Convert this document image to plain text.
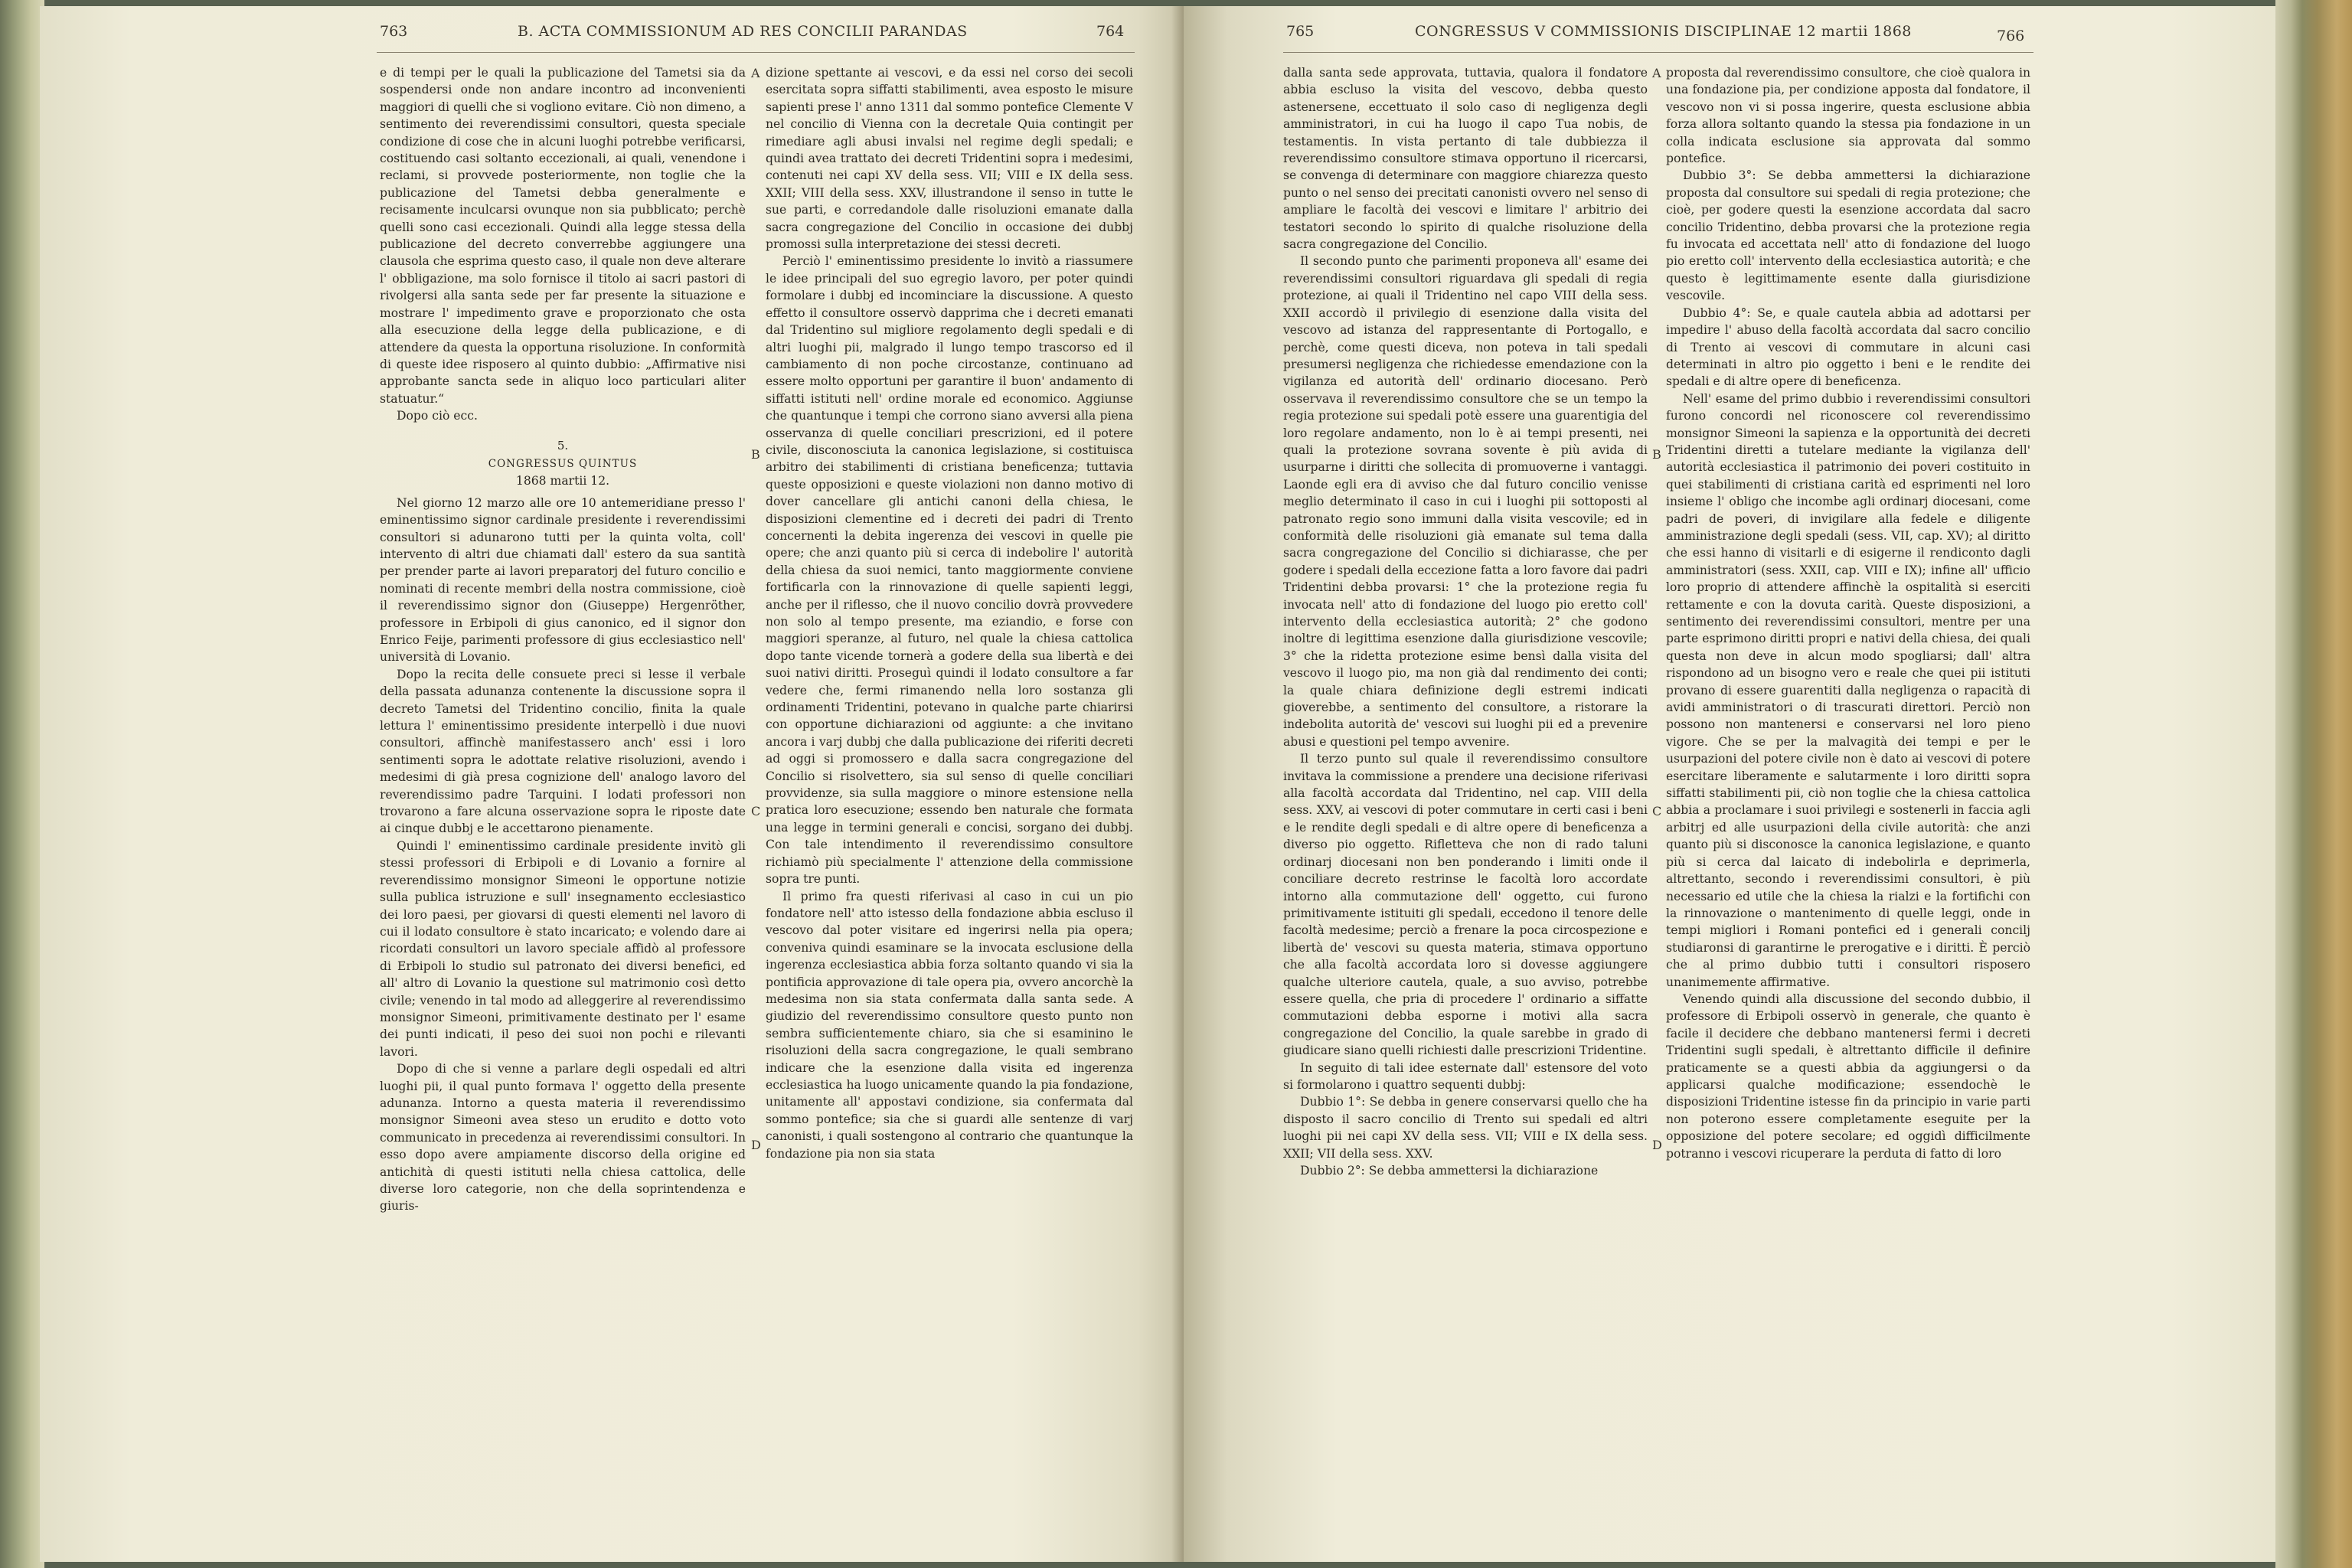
763	B. ACTA COMMISSIONUM AD RES CONCILII PARANDAS	764

e di tempi per le quali la publicazione del Tametsi sia da sospendersi onde non andare incontro ad inconvenienti maggiori di quelli che si vogliono evitare. Ciò non dimeno, a sentimento dei reverendissimi consultori, questa speciale condizione di cose che in alcuni luoghi potrebbe verificarsi, costituendo casi soltanto eccezionali, ai quali, venendone i reclami, si provvede posteriormente, non toglie che la publicazione del Tametsi debba generalmente e recisamente inculcarsi ovunque non sia pubblicato; perchè quelli sono casi eccezionali. Quindi alla legge stessa della publicazione del decreto converrebbe aggiungere una clausola che esprima questo caso, il quale non deve alterare l' obbligazione, ma solo fornisce il titolo ai sacri pastori di rivolgersi alla santa sede per far presente la situazione e mostrare l' impedimento grave e proporzionato che osta alla esecuzione della legge della publicazione, e di attendere da questa la opportuna risoluzione. In conformità di queste idee risposero al quinto dubbio: „Affirmative nisi approbante sancta sede in aliquo loco particulari aliter statuatur.“

Dopo ciò ecc.

5.

CONGRESSUS QUINTUS

1868 martii 12.

Nel giorno 12 marzo alle ore 10 antemeridiane presso l' eminentissimo signor cardinale presidente i reverendissimi consultori si adunarono tutti per la quinta volta, coll' intervento di altri due chiamati dall' estero da sua santità per prender parte ai lavori preparatorj del futuro concilio e nominati di recente membri della nostra commissione, cioè il reverendissimo signor don (Giuseppe) Hergenröther, professore in Erbipoli di gius canonico, ed il signor don Enrico Feije, parimenti professore di gius ecclesiastico nell' università di Lovanio.

Dopo la recita delle consuete preci si lesse il verbale della passata adunanza contenente la discussione sopra il decreto Tametsi del Tridentino concilio, finita la quale lettura l' eminentissimo presidente interpellò i due nuovi consultori, affinchè manifestassero anch' essi i loro sentimenti sopra le adottate relative risoluzioni, avendo i medesimi di già presa cognizione dell' analogo lavoro del reverendissimo padre Tarquini. I lodati professori non trovarono a fare alcuna osservazione sopra le riposte date ai cinque dubbj e le accettarono pienamente.

Quindi l' eminentissimo cardinale presidente invitò gli stessi professori di Erbipoli e di Lovanio a fornire al reverendissimo monsignor Simeoni le opportune notizie sulla publica istruzione e sull' insegnamento ecclesiastico dei loro paesi, per giovarsi di questi elementi nel lavoro di cui il lodato consultore è stato incaricato; e volendo dare ai ricordati consultori un lavoro speciale affidò al professore di Erbipoli lo studio sul patronato dei diversi benefici, ed all' altro di Lovanio la questione sul matrimonio così detto civile; venendo in tal modo ad alleggerire al reverendissimo monsignor Simeoni, primitivamente destinato per l' esame dei punti indicati, il peso dei suoi non pochi e rilevanti lavori.

Dopo di che si venne a parlare degli ospedali ed altri luoghi pii, il qual punto formava l' oggetto della presente adunanza. Intorno a questa materia il reverendissimo monsignor Simeoni avea steso un erudito e dotto voto communicato in precedenza ai reverendissimi consultori. In esso dopo avere ampiamente discorso della origine ed antichità di questi istituti nella chiesa cattolica, delle diverse loro categorie, non che della soprintendenza e giuris-

A
B
C
D

dizione spettante ai vescovi, e da essi nel corso dei secoli esercitata sopra siffatti stabilimenti, avea esposto le misure sapienti prese l' anno 1311 dal sommo pontefice Clemente V nel concilio di Vienna con la decretale Quia contingit per rimediare agli abusi invalsi nel regime degli spedali; e quindi avea trattato dei decreti Tridentini sopra i medesimi, contenuti nei capi XV della sess. VII; VIII e IX della sess. XXII; VIII della sess. XXV, illustrandone il senso in tutte le sue parti, e corredandole dalle risoluzioni emanate dalla sacra congregazione del Concilio in occasione dei dubbj promossi sulla interpretazione dei stessi decreti.

Perciò l' eminentissimo presidente lo invitò a riassumere le idee principali del suo egregio lavoro, per poter quindi formolare i dubbj ed incominciare la discussione. A questo effetto il consultore osservò dapprima che i decreti emanati dal Tridentino sul migliore regolamento degli spedali e di altri luoghi pii, malgrado il lungo tempo trascorso ed il cambiamento di non poche circostanze, continuano ad essere molto opportuni per garantire il buon' andamento di siffatti istituti nell' ordine morale ed economico. Aggiunse che quantunque i tempi che corrono siano avversi alla piena osservanza di quelle conciliari prescrizioni, ed il potere civile, disconosciuta la canonica legislazione, si costituisca arbitro dei stabilimenti di cristiana beneficenza; tuttavia queste opposizioni e queste violazioni non danno motivo di dover cancellare gli antichi canoni della chiesa, le disposizioni clementine ed i decreti dei padri di Trento concernenti la debita ingerenza dei vescovi in quelle pie opere; che anzi quanto più si cerca di indebolire l' autorità della chiesa da suoi nemici, tanto maggiormente conviene fortificarla con la rinnovazione di quelle sapienti leggi, anche per il riflesso, che il nuovo concilio dovrà provvedere non solo al tempo presente, ma eziandio, e forse con maggiori speranze, al futuro, nel quale la chiesa cattolica dopo tante vicende tornerà a godere della sua libertà e dei suoi nativi diritti. Proseguì quindi il lodato consultore a far vedere che, fermi rimanendo nella loro sostanza gli ordinamenti Tridentini, potevano in qualche parte chiarirsi con opportune dichiarazioni od aggiunte: a che invitano ancora i varj dubbj che dalla publicazione dei riferiti decreti ad oggi si promossero e dalla sacra congregazione del Concilio si risolvettero, sia sul senso di quelle conciliari provvidenze, sia sulla maggiore o minore estensione nella pratica loro esecuzione; essendo ben naturale che formata una legge in termini generali e concisi, sorgano dei dubbj. Con tale intendimento il reverendissimo consultore richiamò più specialmente l' attenzione della commissione sopra tre punti.

Il primo fra questi riferivasi al caso in cui un pio fondatore nell' atto istesso della fondazione abbia escluso il vescovo dal poter visitare ed ingerirsi nella pia opera; conveniva quindi esaminare se la invocata esclusione della ingerenza ecclesiastica abbia forza soltanto quando vi sia la pontificia approvazione di tale opera pia, ovvero ancorchè la medesima non sia stata confermata dalla santa sede. A giudizio del reverendissimo consultore questo punto non sembra sufficientemente chiaro, sia che si esaminino le risoluzioni della sacra congregazione, le quali sembrano indicare che la esenzione dalla visita ed ingerenza ecclesiastica ha luogo unicamente quando la pia fondazione, unitamente all' appostavi condizione, sia confermata dal sommo pontefice; sia che si guardi alle sentenze di varj canonisti, i quali sostengono al contrario che quantunque la fondazione pia non sia stata

765	CONGRESSUS V COMMISSIONIS DISCIPLINAE 12 martii 1868	766

dalla santa sede approvata, tuttavia, qualora il fondatore abbia escluso la visita del vescovo, debba questo astenersene, eccettuato il solo caso di negligenza degli amministratori, in cui ha luogo il capo Tua nobis, de testamentis. In vista pertanto di tale dubbiezza il reverendissimo consultore stimava opportuno il ricercarsi, se convenga di determinare con maggiore chiarezza questo punto o nel senso dei precitati canonisti ovvero nel senso di ampliare le facoltà dei vescovi e limitare l' arbitrio dei testatori secondo lo spirito di qualche risoluzione della sacra congregazione del Concilio.

Il secondo punto che parimenti proponeva all' esame dei reverendissimi consultori riguardava gli spedali di regia protezione, ai quali il Tridentino nel capo VIII della sess. XXII accordò il privilegio di esenzione dalla visita del vescovo ad istanza del rappresentante di Portogallo, e perchè, come questi diceva, non poteva in tali spedali presumersi negligenza che richiedesse emendazione con la vigilanza ed autorità dell' ordinario diocesano. Però osservava il reverendissimo consultore che se un tempo la regia protezione sui spedali potè essere una guarentigia del loro regolare andamento, non lo è ai tempi presenti, nei quali la protezione sovrana sovente è più avida di usurparne i diritti che sollecita di promuoverne i vantaggi. Laonde egli era di avviso che dal futuro concilio venisse meglio determinato il caso in cui i luoghi pii sottoposti al patronato regio sono immuni dalla visita vescovile; ed in conformità delle risoluzioni già emanate sul tema dalla sacra congregazione del Concilio si dichiarasse, che per godere i spedali della eccezione fatta a loro favore dai padri Tridentini debba provarsi: 1° che la protezione regia fu invocata nell' atto di fondazione del luogo pio eretto coll' intervento della ecclesiastica autorità; 2° che godono inoltre di legittima esenzione dalla giurisdizione vescovile; 3° che la ridetta protezione esime bensì dalla visita del vescovo il luogo pio, ma non già dal rendimento dei conti; la quale chiara definizione degli estremi indicati gioverebbe, a sentimento del consultore, a ristorare la indebolita autorità de' vescovi sui luoghi pii ed a prevenire abusi e questioni pel tempo avvenire.

Il terzo punto sul quale il reverendissimo consultore invitava la commissione a prendere una decisione riferivasi alla facoltà accordata dal Tridentino, nel cap. VIII della sess. XXV, ai vescovi di poter commutare in certi casi i beni e le rendite degli spedali e di altre opere di beneficenza a diverso pio oggetto. Rifletteva che non di rado taluni ordinarj diocesani non ben ponderando i limiti onde il conciliare decreto restrinse le facoltà loro accordate intorno alla commutazione dell' oggetto, cui furono primitivamente istituiti gli spedali, eccedono il tenore delle facoltà medesime; perciò a frenare la poca circospezione e libertà de' vescovi su questa materia, stimava opportuno che alla facoltà accordata loro si dovesse aggiungere qualche ulteriore cautela, quale, a suo avviso, potrebbe essere quella, che pria di procedere l' ordinario a siffatte commutazioni debba esporne i motivi alla sacra congregazione del Concilio, la quale sarebbe in grado di giudicare siano quelli richiesti dalle prescrizioni Tridentine.

In seguito di tali idee esternate dall' estensore del voto si formolarono i quattro sequenti dubbj:

Dubbio 1°: Se debba in genere conservarsi quello che ha disposto il sacro concilio di Trento sui spedali ed altri luoghi pii nei capi XV della sess. VII; VIII e IX della sess. XXII; VII della sess. XXV.

Dubbio 2°: Se debba ammettersi la dichiarazione

A
B
C
D

proposta dal reverendissimo consultore, che cioè qualora in una fondazione pia, per condizione apposta dal fondatore, il vescovo non vi si possa ingerire, questa esclusione abbia forza allora soltanto quando la stessa pia fondazione in un colla indicata esclusione sia approvata dal sommo pontefice.

Dubbio 3°: Se debba ammettersi la dichiarazione proposta dal consultore sui spedali di regia protezione; che cioè, per godere questi la esenzione accordata dal sacro concilio Tridentino, debba provarsi che la protezione regia fu invocata ed accettata nell' atto di fondazione del luogo pio eretto coll' intervento della ecclesiastica autorità; e che questo è legittimamente esente dalla giurisdizione vescovile.

Dubbio 4°: Se, e quale cautela abbia ad adottarsi per impedire l' abuso della facoltà accordata dal sacro concilio di Trento ai vescovi di commutare in alcuni casi determinati in altro pio oggetto i beni e le rendite dei spedali e di altre opere di beneficenza.

Nell' esame del primo dubbio i reverendissimi consultori furono concordi nel riconoscere col reverendissimo monsignor Simeoni la sapienza e la opportunità dei decreti Tridentini diretti a tutelare mediante la vigilanza dell' autorità ecclesiastica il patrimonio dei poveri costituito in quei stabilimenti di cristiana carità ed esprimenti nel loro insieme l' obligo che incombe agli ordinarj diocesani, come padri de poveri, di invigilare alla fedele e diligente amministrazione degli spedali (sess. VII, cap. XV); al diritto che essi hanno di visitarli e di esigerne il rendiconto dagli amministratori (sess. XXII, cap. VIII e IX); infine all' ufficio loro proprio di attendere affinchè la ospitalità si eserciti rettamente e con la dovuta carità. Queste disposizioni, a sentimento dei reverendissimi consultori, mentre per una parte esprimono diritti propri e nativi della chiesa, dei quali questa non deve in alcun modo spogliarsi; dall' altra rispondono ad un bisogno vero e reale che quei pii istituti provano di essere guarentiti dalla negligenza o rapacità di avidi amministratori o di trascurati direttori. Perciò non possono non mantenersi e conservarsi nel loro pieno vigore. Che se per la malvagità dei tempi e per le usurpazioni del potere civile non è dato ai vescovi di potere esercitare liberamente e salutarmente i loro diritti sopra siffatti stabilimenti pii, ciò non toglie che la chiesa cattolica abbia a proclamare i suoi privilegi e sostenerli in faccia agli arbitrj ed alle usurpazioni della civile autorità: che anzi quanto più si disconosce la canonica legislazione, e quanto più si cerca dal laicato di indebolirla e deprimerla, altrettanto, secondo i reverendissimi consultori, è più necessario ed utile che la chiesa la rialzi e la fortifichi con la rinnovazione o mantenimento di quelle leggi, onde in tempi migliori i Romani pontefici ed i generali concilj studiaronsi di garantirne le prerogative e i diritti. È perciò che al primo dubbio tutti i consultori risposero unanimemente affirmative.

Venendo quindi alla discussione del secondo dubbio, il professore di Erbipoli osservò in generale, che quanto è facile il decidere che debbano mantenersi fermi i decreti Tridentini sugli spedali, è altrettanto difficile il definire praticamente se a questi abbia da aggiungersi o da applicarsi qualche modificazione; essendochè le disposizioni Tridentine istesse fin da principio in varie parti non poterono essere completamente eseguite per la opposizione del potere secolare; ed oggidì difficilmente potranno i vescovi ricuperare la perduta di fatto di loro
